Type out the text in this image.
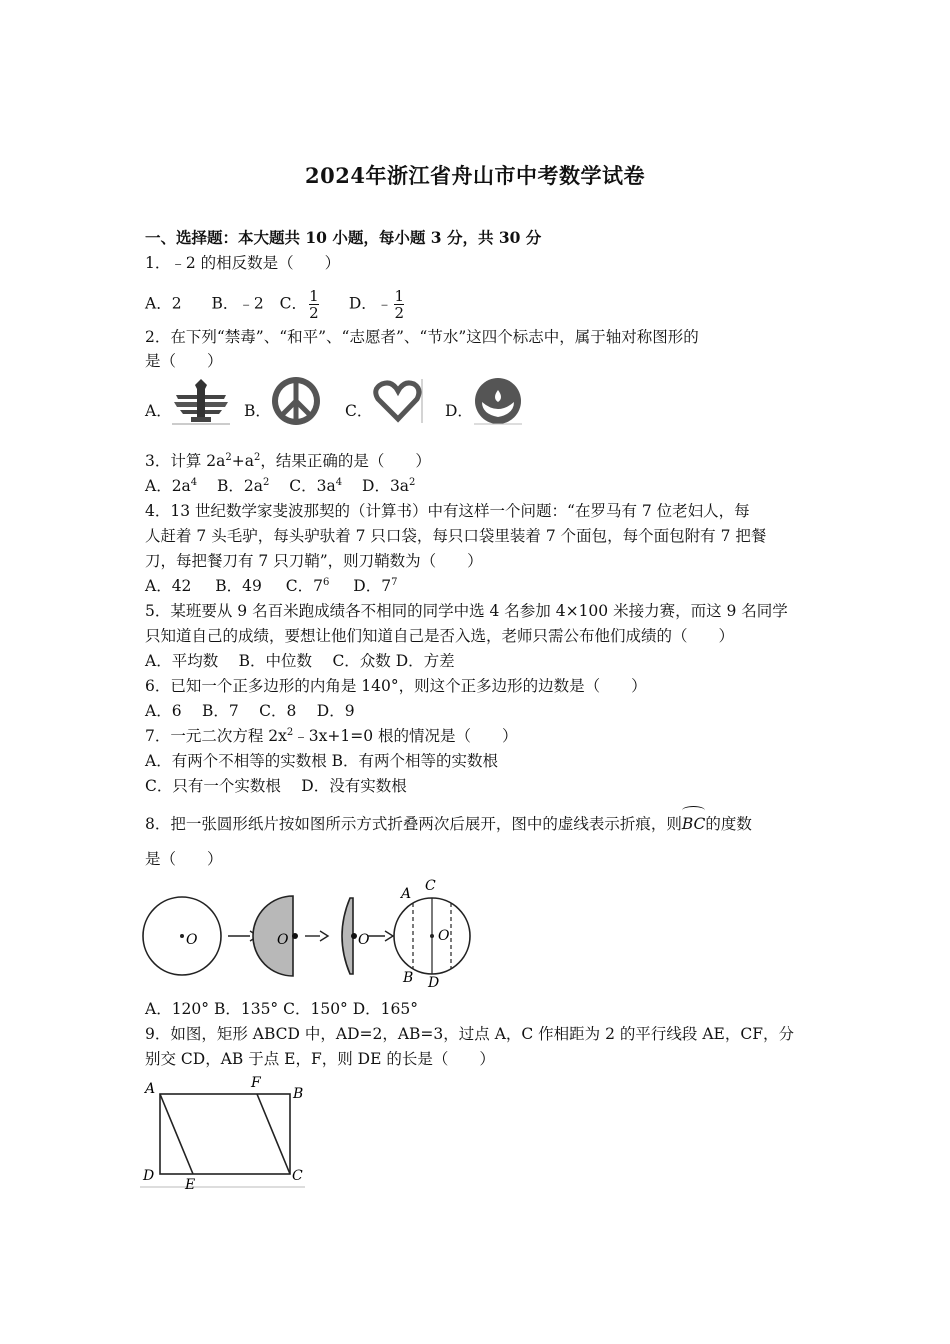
2024年浙江省舟山市中考数学试卷
一、选择题：本大题共 10 小题，每小题 3 分，共 30 分
1．﹣2 的相反数是（　　）
A．2 B．﹣2 C． $\frac{1}{2}$ D．﹣ $\frac{1}{2}$
2．在下列“禁毒”、“和平”、“志愿者”、“节水”这四个标志中，属于轴对称图形的
是（　　）
A．	B．	C．	D．
3．计算 $2a^2+a^2$，结果正确的是（　　）
A．$2a^4$ B．$2a^2$ C．$3a^4$ D．$3a^2$
4．13 世纪数学家斐波那契的（计算书）中有这样一个问题：“在罗马有 7 位老妇人，每
人赶着 7 头毛驴，每头驴驮着 7 只口袋，每只口袋里装着 7 个面包，每个面包附有 7 把餐
刀，每把餐刀有 7 只刀鞘”，则刀鞘数为（　　）
A．42 B．49 C．$7^6$ D．$7^7$
5．某班要从 9 名百米跑成绩各不相同的同学中选 4 名参加 4×100 米接力赛，而这 9 名同学
只知道自己的成绩，要想让他们知道自己是否入选，老师只需公布他们成绩的（　　）
A．平均数　 B．中位数　 C．众数 D．方差
6．已知一个正多边形的内角是 140°，则这个正多边形的边数是（　　）
A．6　 B．7　 C．8　 D．9
7．一元二次方程 $2x^2﹣3x+1=0$ 根的情况是（　　）
A．有两个不相等的实数根 B．有两个相等的实数根
C．只有一个实数根　 D．没有实数根
8．把一张圆形纸片按如图所示方式折叠两次后展开，图中的虚线表示折痕，则
BC的度数
是（　　）
O	O	O	O
A C
B D
A．120° B．135° C．150° D．165°
9．如图，矩形 ABCD 中，AD=2，AB=3，过点 A，C 作相距为 2 的平行线段 AE，CF，分
别交 CD，AB 于点 E，F，则 DE 的长是（　　）
A	F
B
D
E
C
